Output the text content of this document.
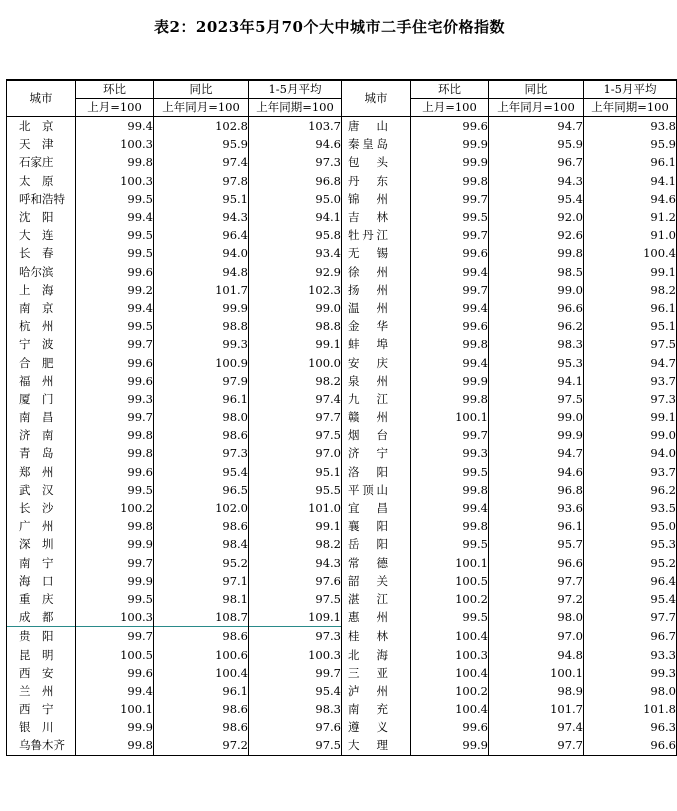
表2：2023年5月70个大中城市二手住宅价格指数
城市	环比	同比	1-5月平均	城市	环比	同比	1-5月平均
	上月=100	上年同月=100	上年同期=100		上月=100	上年同月=100	上年同期=100
北　京	99.4	102.8	103.7	唐　山	99.6	94.7	93.8
天　津	100.3	95.9	94.6	秦皇岛	99.9	95.9	95.9
石家庄	99.8	97.4	97.3	包　头	99.9	96.7	96.1
太　原	100.3	97.8	96.8	丹　东	99.8	94.3	94.1
呼和浩特	99.5	95.1	95.0	锦　州	99.7	95.4	94.6
沈　阳	99.4	94.3	94.1	吉　林	99.5	92.0	91.2
大　连	99.5	96.4	95.8	牡丹江	99.7	92.6	91.0
长　春	99.5	94.0	93.4	无　锡	99.6	99.8	100.4
哈尔滨	99.6	94.8	92.9	徐　州	99.4	98.5	99.1
上　海	99.2	101.7	102.3	扬　州	99.7	99.0	98.2
南　京	99.4	99.9	99.0	温　州	99.4	96.6	96.1
杭　州	99.5	98.8	98.8	金　华	99.6	96.2	95.1
宁　波	99.7	99.3	99.1	蚌　埠	99.8	98.3	97.5
合　肥	99.6	100.9	100.0	安　庆	99.4	95.3	94.7
福　州	99.6	97.9	98.2	泉　州	99.9	94.1	93.7
厦　门	99.3	96.1	97.4	九　江	99.8	97.5	97.3
南　昌	99.7	98.0	97.7	赣　州	100.1	99.0	99.1
济　南	99.8	98.6	97.5	烟　台	99.7	99.9	99.0
青　岛	99.8	97.3	97.0	济　宁	99.3	94.7	94.0
郑　州	99.6	95.4	95.1	洛　阳	99.5	94.6	93.7
武　汉	99.5	96.5	95.5	平顶山	99.8	96.8	96.2
长　沙	100.2	102.0	101.0	宜　昌	99.4	93.6	93.5
广　州	99.8	98.6	99.1	襄　阳	99.8	96.1	95.0
深　圳	99.9	98.4	98.2	岳　阳	99.5	95.7	95.3
南　宁	99.7	95.2	94.3	常　德	100.1	96.6	95.2
海　口	99.9	97.1	97.6	韶　关	100.5	97.7	96.4
重　庆	99.5	98.1	97.5	湛　江	100.2	97.2	95.4
成　都	100.3	108.7	109.1	惠　州	99.5	98.0	97.7
贵　阳	99.7	98.6	97.3	桂　林	100.4	97.0	96.7
昆　明	100.5	100.6	100.3	北　海	100.3	94.8	93.3
西　安	99.6	100.4	99.7	三　亚	100.4	100.1	99.3
兰　州	99.4	96.1	95.4	泸　州	100.2	98.9	98.0
西　宁	100.1	98.6	98.3	南　充	100.4	101.7	101.8
银　川	99.9	98.6	97.6	遵　义	99.6	97.4	96.3
乌鲁木齐	99.8	97.2	97.5	大　理	99.9	97.7	96.6
